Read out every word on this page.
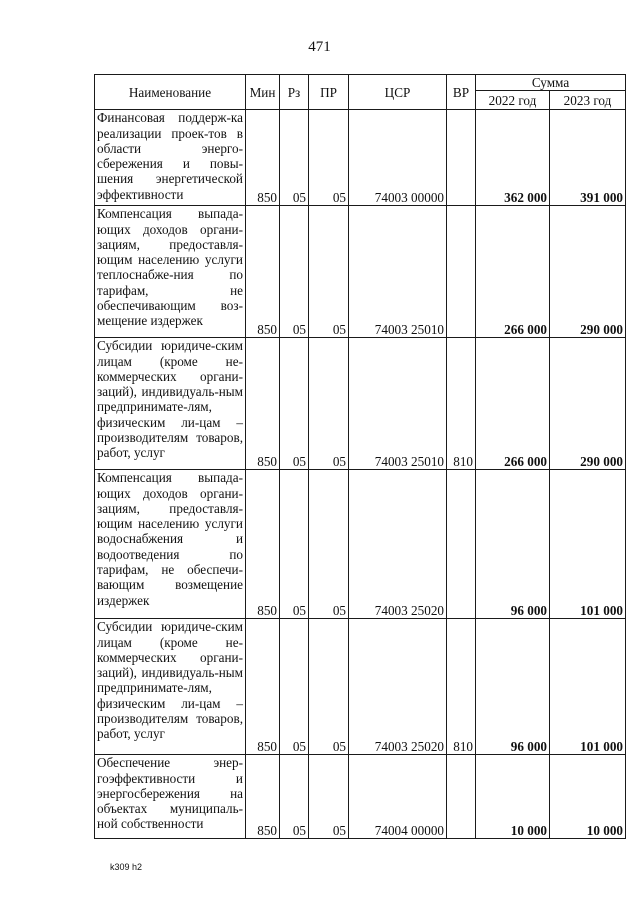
471
Наименование	Мин	Рз	ПР	ЦСР	ВР	Сумма	
						2022 год	2023 год
Финансовая поддерж-ка реализации проек-тов в области энерго-сбережения и повы-шения энергетической эффективности	850	05	05	74003 00000		362 000	391 000
Компенсация выпада-ющих доходов органи-зациям, предоставля-ющим населению услуги теплоснабже-ния по тарифам, не обеспечивающим воз-мещение издержек	850	05	05	74003 25010		266 000	290 000
Субсидии юридиче-ским лицам (кроме не-коммерческих органи-заций), индивидуаль-ным предпринимате-лям, физическим ли-цам – производителям товаров, работ, услуг	850	05	05	74003 25010	810	266 000	290 000
Компенсация выпада-ющих доходов органи-зациям, предоставля-ющим населению услуги водоснабжения и водоотведения по тарифам, не обеспечи-вающим возмещение издержек	850	05	05	74003 25020		96 000	101 000
Субсидии юридиче-ским лицам (кроме не-коммерческих органи-заций), индивидуаль-ным предпринимате-лям, физическим ли-цам – производителям товаров, работ, услуг	850	05	05	74003 25020	810	96 000	101 000
Обеспечение энер-гоэффективности и энергосбережения на объектах муниципаль-ной собственности	850	05	05	74004 00000		10 000	10 000
k309 h2
